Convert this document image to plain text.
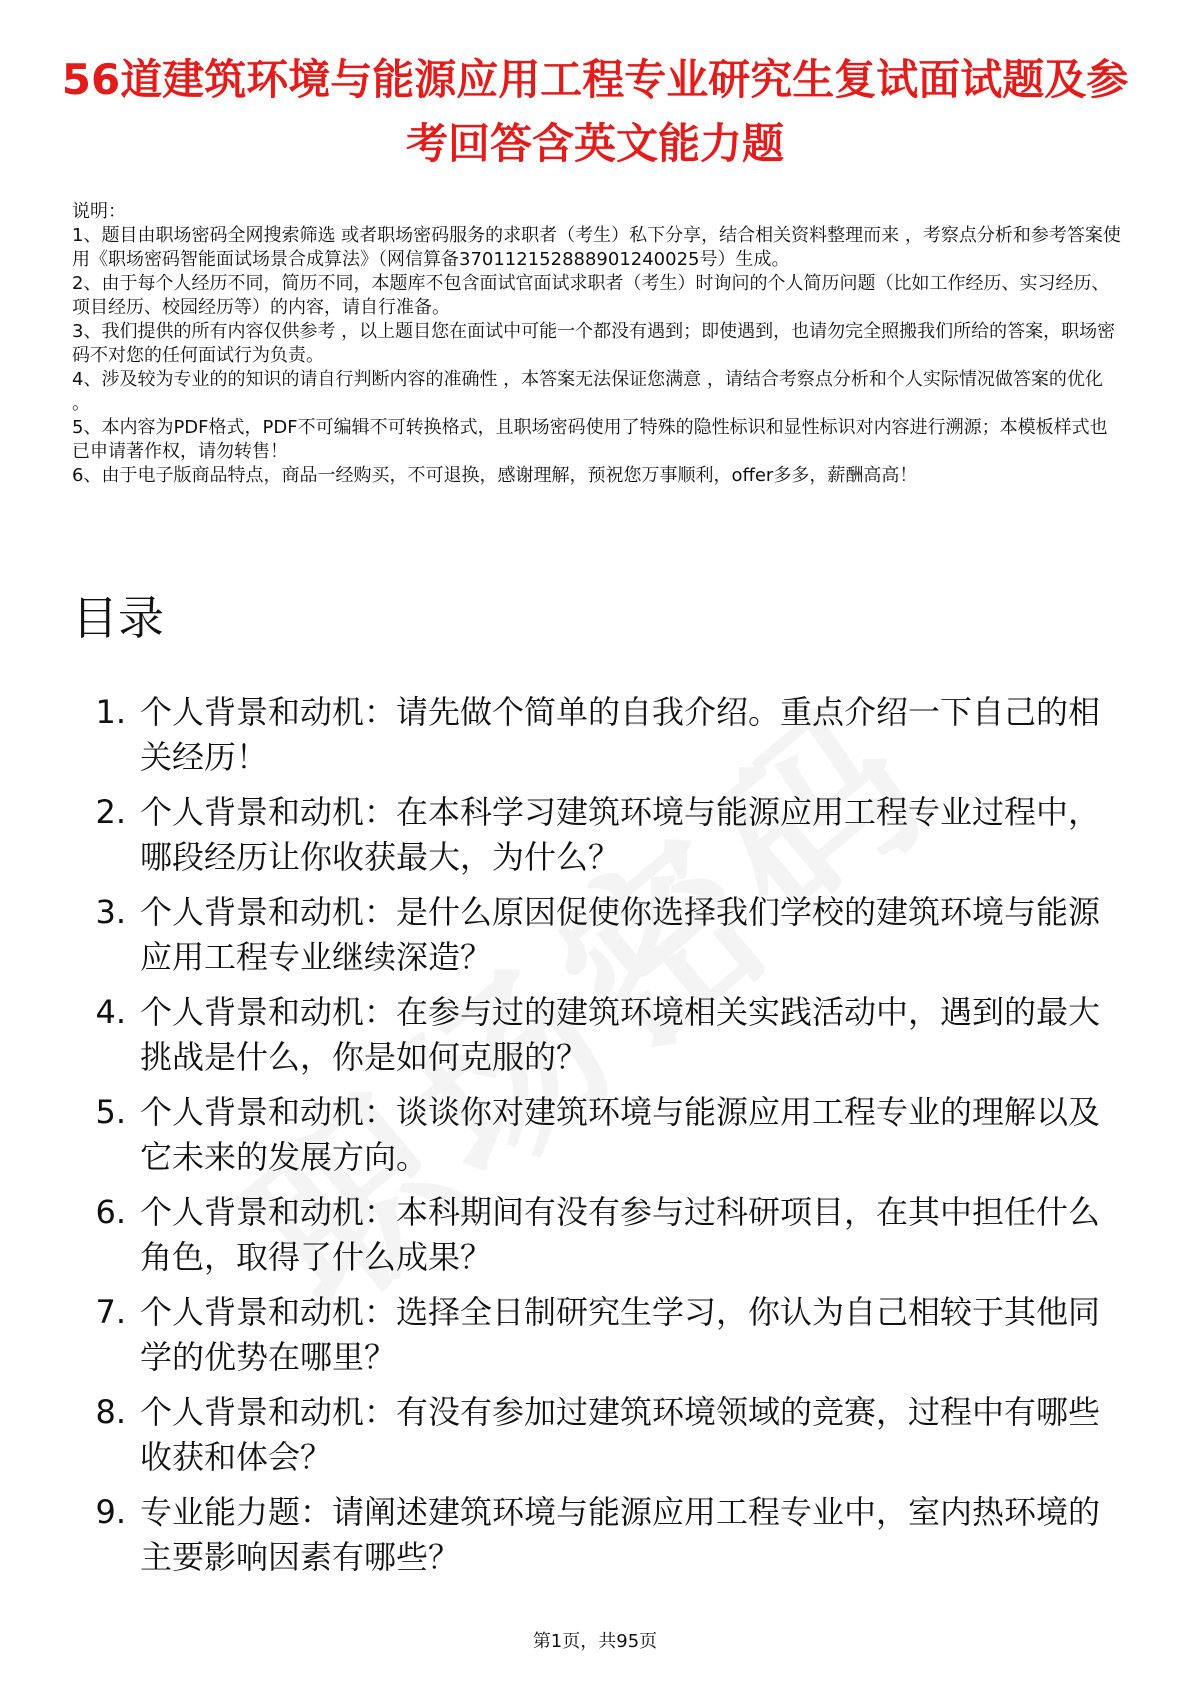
56道建筑环境与能源应用工程专业研究生复试面试题及参考回答含英文能力题

说明：

1、题目由职场密码全网搜索筛选 或者职场密码服务的求职者（考生）私下分享，结合相关资料整理而来 ，考察点分析和参考答案使用《职场密码智能面试场景合成算法》（网信算备370112152888901240025号）生成。

2、由于每个人经历不同，简历不同，本题库不包含面试官面试求职者（考生）时询问的个人简历问题（比如工作经历、实习经历、项目经历、校园经历等）的内容，请自行准备。

3、我们提供的所有内容仅供参考 ，以上题目您在面试中可能一个都没有遇到；即使遇到，也请勿完全照搬我们所给的答案，职场密码不对您的任何面试行为负责。

4、涉及较为专业的的知识的请自行判断内容的准确性 ，本答案无法保证您满意 ，请结合考察点分析和个人实际情况做答案的优化 。

5、本内容为PDF格式，PDF不可编辑不可转换格式，且职场密码使用了特殊的隐性标识和显性标识对内容进行溯源；本模板样式也已申请著作权，请勿转售！

6、由于电子版商品特点，商品一经购买，不可退换，感谢理解，预祝您万事顺利，offer多多，薪酬高高！

目录
1. 个人背景和动机：请先做个简单的自我介绍。重点介绍一下自己的相关经历！
2. 个人背景和动机：在本科学习建筑环境与能源应用工程专业过程中，哪段经历让你收获最大，为什么？
3. 个人背景和动机：是什么原因促使你选择我们学校的建筑环境与能源应用工程专业继续深造？
4. 个人背景和动机：在参与过的建筑环境相关实践活动中，遇到的最大挑战是什么，你是如何克服的？
5. 个人背景和动机：谈谈你对建筑环境与能源应用工程专业的理解以及它未来的发展方向。
6. 个人背景和动机：本科期间有没有参与过科研项目，在其中担任什么角色，取得了什么成果？
7. 个人背景和动机：选择全日制研究生学习，你认为自己相较于其他同学的优势在哪里？
8. 个人背景和动机：有没有参加过建筑环境领域的竞赛，过程中有哪些收获和体会？
9. 专业能力题：请阐述建筑环境与能源应用工程专业中，室内热环境的主要影响因素有哪些？
第1页，共95页
